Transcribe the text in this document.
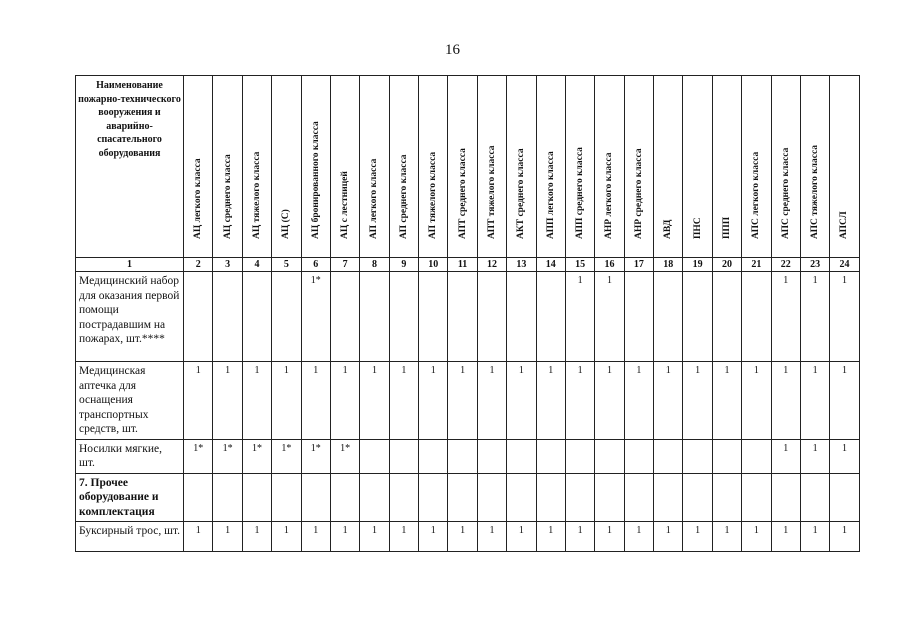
16
Наименование пожарно-технического вооружения и аварийно-спасательного оборудования	АЦ легкого класса	АЦ среднего класса	АЦ тяжелого класса	АЦ (С)	АЦ бронированного класса	АЦ с лестницей	АП легкого класса	АП среднего класса	АП тяжелого класса	АПТ среднего класса	АПТ тяжелого класса	АКТ среднего класса	АПП легкого класса	АПП среднего класса	АНР легкого класса	АНР среднего класса	АВД	ПНС	ППП	АПС легкого класса	АПС среднего класса	АПС тяжелого класса	АПСЛ

1	2	3	4	5	6	7	8	9	10	11	12	13	14	15	16	17	18	19	20	21	22	23	24
Медицинский набор для оказания первой помощи пострадавшим на пожарах, шт.****					1*									1	1						1	1	1
Медицинская аптечка для оснащения транспортных средств, шт.	1	1	1	1	1	1	1	1	1	1	1	1	1	1	1	1	1	1	1	1	1	1	1
Носилки мягкие, шт.	1*	1*	1*	1*	1*	1*															1	1	1
7. Прочее оборудование и комплектация																							
Буксирный трос, шт.	1	1	1	1	1	1	1	1	1	1	1	1	1	1	1	1	1	1	1	1	1	1	1
